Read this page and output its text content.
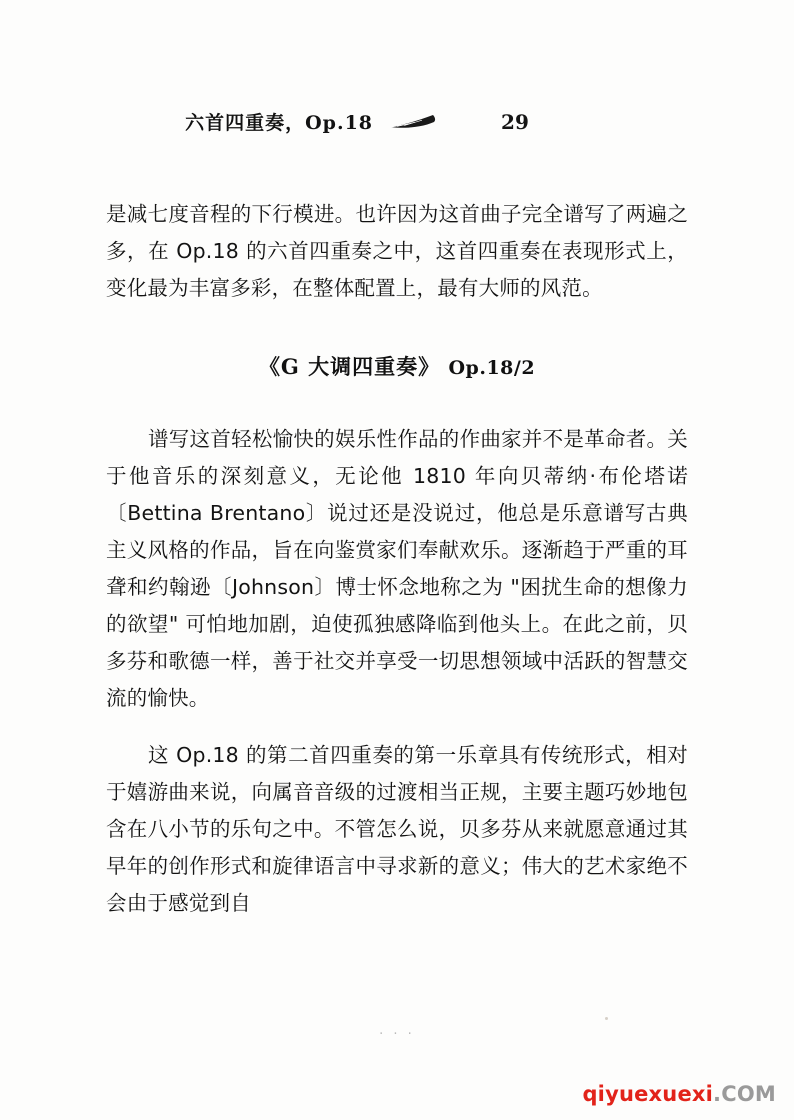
六首四重奏，Op.18	29

是减七度音程的下行模进。也许因为这首曲子完全谱写了两遍之多，在 Op.18 的六首四重奏之中，这首四重奏在表现形式上，变化最为丰富多彩，在整体配置上，最有大师的风范。

《G 大调四重奏》 Op.18/2

谱写这首轻松愉快的娱乐性作品的作曲家并不是革命者。关于他音乐的深刻意义，无论他 1810 年向贝蒂纳·布伦塔诺〔Bettina Brentano〕说过还是没说过，他总是乐意谱写古典主义风格的作品，旨在向鉴赏家们奉献欢乐。逐渐趋于严重的耳聋和约翰逊〔Johnson〕博士怀念地称之为 "困扰生命的想像力的欲望" 可怕地加剧，迫使孤独感降临到他头上。在此之前，贝多芬和歌德一样，善于社交并享受一切思想领域中活跃的智慧交流的愉快。

这 Op.18 的第二首四重奏的第一乐章具有传统形式，相对于嬉游曲来说，向属音音级的过渡相当正规，主要主题巧妙地包含在八小节的乐句之中。不管怎么说，贝多芬从来就愿意通过其早年的创作形式和旋律语言中寻求新的意义；伟大的艺术家绝不会由于感觉到自

· · ·
qiyuexuexi .COM
